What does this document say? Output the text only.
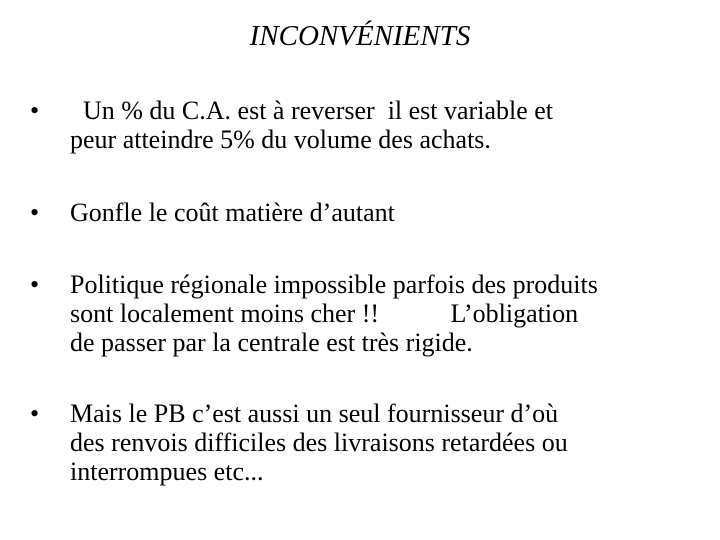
INCONVÉNIENTS
• Un % du C.A. est à reverser  il est variable et
peur atteindre 5% du volume des achats.
• Gonfle le coût matière d’autant
• Politique régionale impossible parfois des produits
sont localement moins cher !!           L’obligation
de passer par la centrale est très rigide.
• Mais le PB c’est aussi un seul fournisseur d’où
des renvois difficiles des livraisons retardées ou
interrompues etc...
